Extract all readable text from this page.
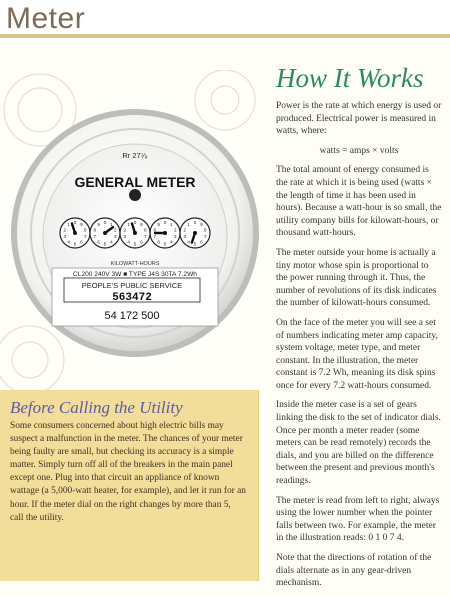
Meter
Rr 27⁷⁄₉
GENERAL METER
0
1
2
3
4 5 6
7
8
9	0 1
2
3
4
5
6
7
8
9	0
1
2
3
4 5 6
7
8
9	0 1
2
3
4
5
6
7
8
9	0
1
2
3
4 5 6
7
8
9
KILOWATT-HOURS
CL200 240V 3W ■ TYPE J4S 30TA 7.2Wh
PEOPLE'S PUBLIC SERVICE
563472
54 172 500
Before Calling the Utility
Some consumers concerned about high electric bills may suspect a malfunction in the meter. The chances of your meter being faulty are small, but checking its accuracy is a simple matter. Simply turn off all of the breakers in the main panel except one. Plug into that circuit an appliance of known wattage (a 5,000-watt heater, for example), and let it run for an hour. If the meter dial on the right changes by more than 5, call the utility.
How It Works

Power is the rate at which energy is used or produced. Electrical power is measured in watts, where:

watts = amps × volts

The total amount of energy consumed is the rate at which it is being used (watts × the length of time it has been used in hours). Because a watt-hour is so small, the utility company bills for kilowatt-hours, or thousand watt-hours.

The meter outside your home is actually a tiny motor whose spin is proportional to the power running through it. Thus, the number of revolutions of its disk indicates the number of kilowatt-hours consumed.

On the face of the meter you will see a set of numbers indicating meter amp capacity, system voltage, meter type, and meter constant. In the illustration, the meter constant is 7.2 Wh, meaning its disk spins once for every 7.2 watt-hours consumed.

Inside the meter case is a set of gears linking the disk to the set of indicator dials. Once per month a meter reader (some meters can be read remotely) records the dials, and you are billed on the difference between the present and previous month's readings.

The meter is read from left to right, always using the lower number when the pointer falls between two. For example, the meter in the illustration reads: 0 1 0 7 4.

Note that the directions of rotation of the dials alternate as in any gear-driven mechanism.
